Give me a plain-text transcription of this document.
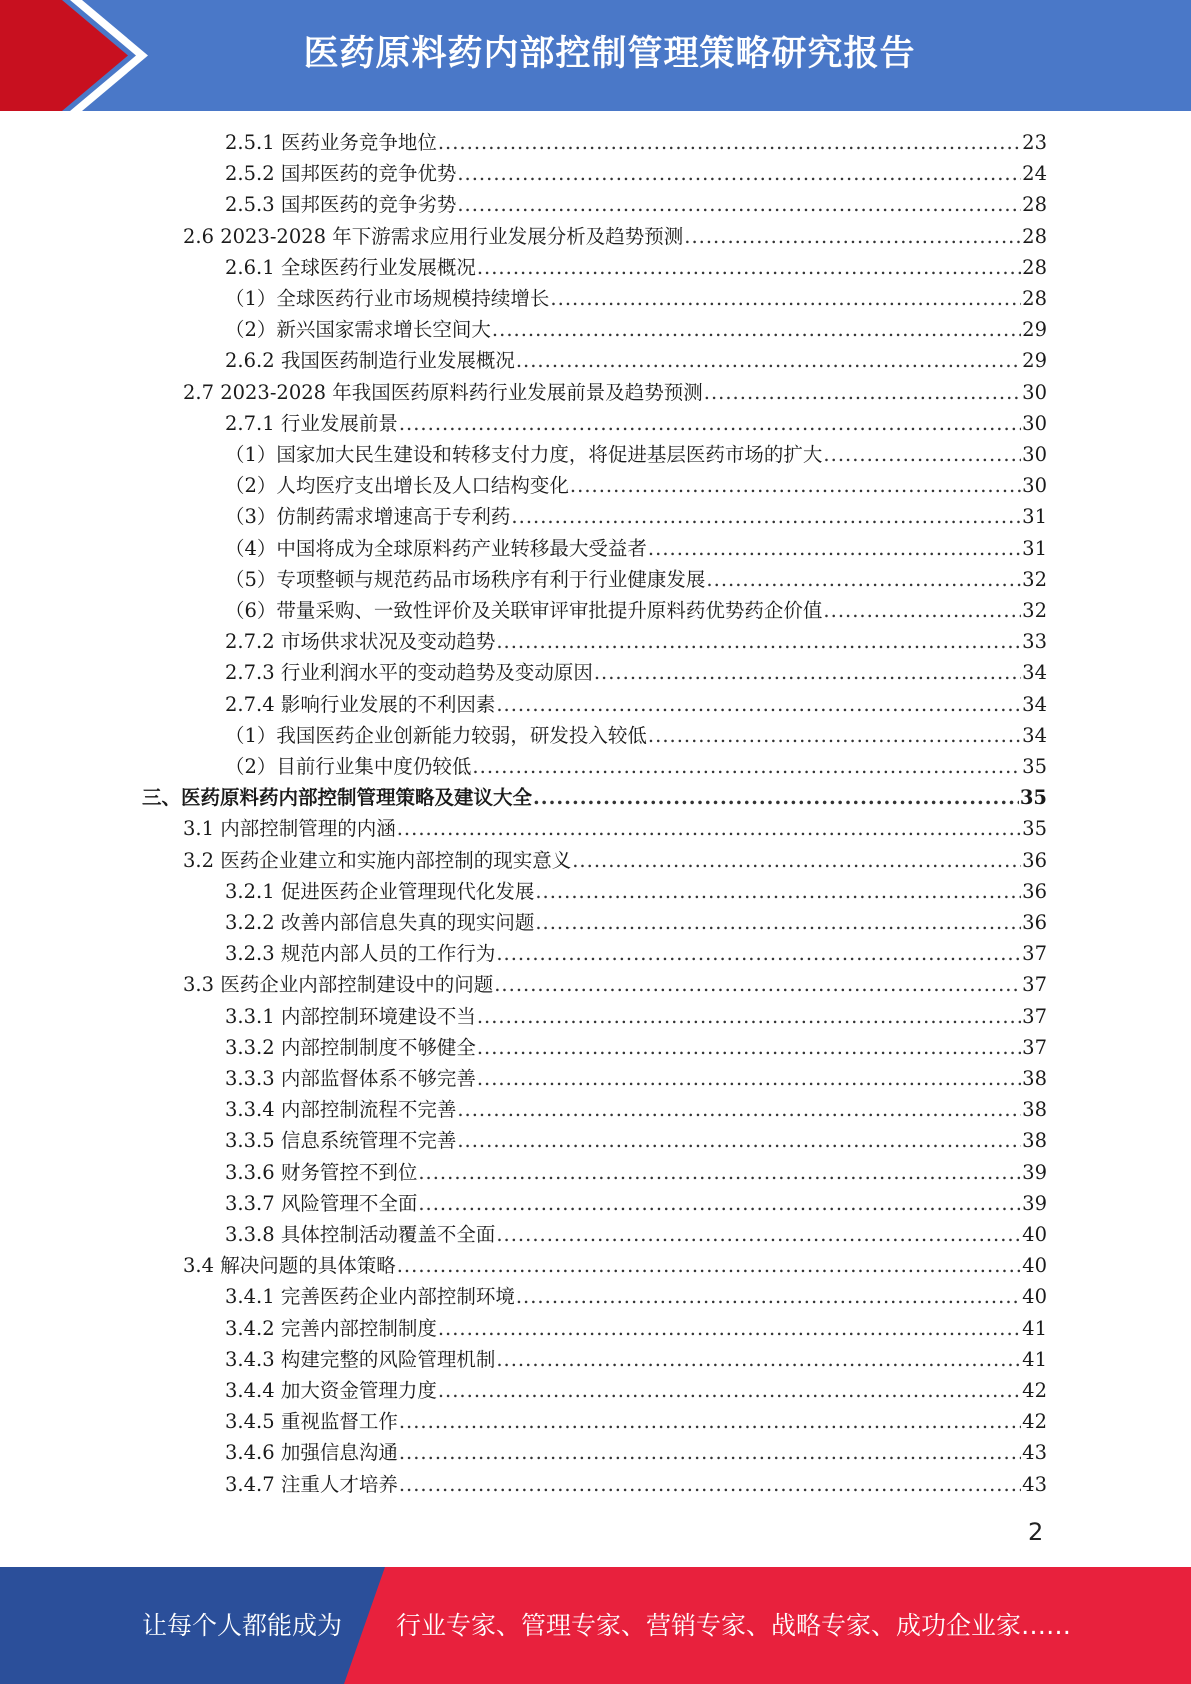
医药原料药内部控制管理策略研究报告
2.5.1 医药业务竞争地位 .....	23
2.5.2 国邦医药的竞争优势 .....	24
2.5.3 国邦医药的竞争劣势 .....	28
2.6 2023-2028 年下游需求应用行业发展分析及趋势预测 .....	28
2.6.1 全球医药行业发展概况 .....	28
（1）全球医药行业市场规模持续增长 .....	28
（2）新兴国家需求增长空间大 .....	29
2.6.2 我国医药制造行业发展概况 .....	29
2.7 2023-2028 年我国医药原料药行业发展前景及趋势预测 .....	30
2.7.1 行业发展前景 .....	30
（1）国家加大民生建设和转移支付力度，将促进基层医药市场的扩大 .....	30
（2）人均医疗支出增长及人口结构变化 .....	30
（3）仿制药需求增速高于专利药 .....	31
（4）中国将成为全球原料药产业转移最大受益者 .....	31
（5）专项整顿与规范药品市场秩序有利于行业健康发展 .....	32
（6）带量采购、一致性评价及关联审评审批提升原料药优势药企价值 .....	32
2.7.2 市场供求状况及变动趋势 .....	33
2.7.3 行业利润水平的变动趋势及变动原因 .....	34
2.7.4 影响行业发展的不利因素 .....	34
（1）我国医药企业创新能力较弱，研发投入较低 .....	34
（2）目前行业集中度仍较低 .....	35
三、医药原料药内部控制管理策略及建议大全 .....	35
3.1 内部控制管理的内涵 .....	35
3.2 医药企业建立和实施内部控制的现实意义 .....	36
3.2.1 促进医药企业管理现代化发展 .....	36
3.2.2 改善内部信息失真的现实问题 .....	36
3.2.3 规范内部人员的工作行为 .....	37
3.3 医药企业内部控制建设中的问题 .....	37
3.3.1 内部控制环境建设不当 .....	37
3.3.2 内部控制制度不够健全 .....	37
3.3.3 内部监督体系不够完善 .....	38
3.3.4 内部控制流程不完善 .....	38
3.3.5 信息系统管理不完善 .....	38
3.3.6 财务管控不到位 .....	39
3.3.7 风险管理不全面 .....	39
3.3.8 具体控制活动覆盖不全面 .....	40
3.4 解决问题的具体策略 .....	40
3.4.1 完善医药企业内部控制环境 .....	40
3.4.2 完善内部控制制度 .....	41
3.4.3 构建完整的风险管理机制 .....	41
3.4.4 加大资金管理力度 .....	42
3.4.5 重视监督工作 .....	42
3.4.6 加强信息沟通 .....	43
3.4.7 注重人才培养 .....	43
2
让每个人都能成为 行业专家、管理专家、营销专家、战略专家、成功企业家……
